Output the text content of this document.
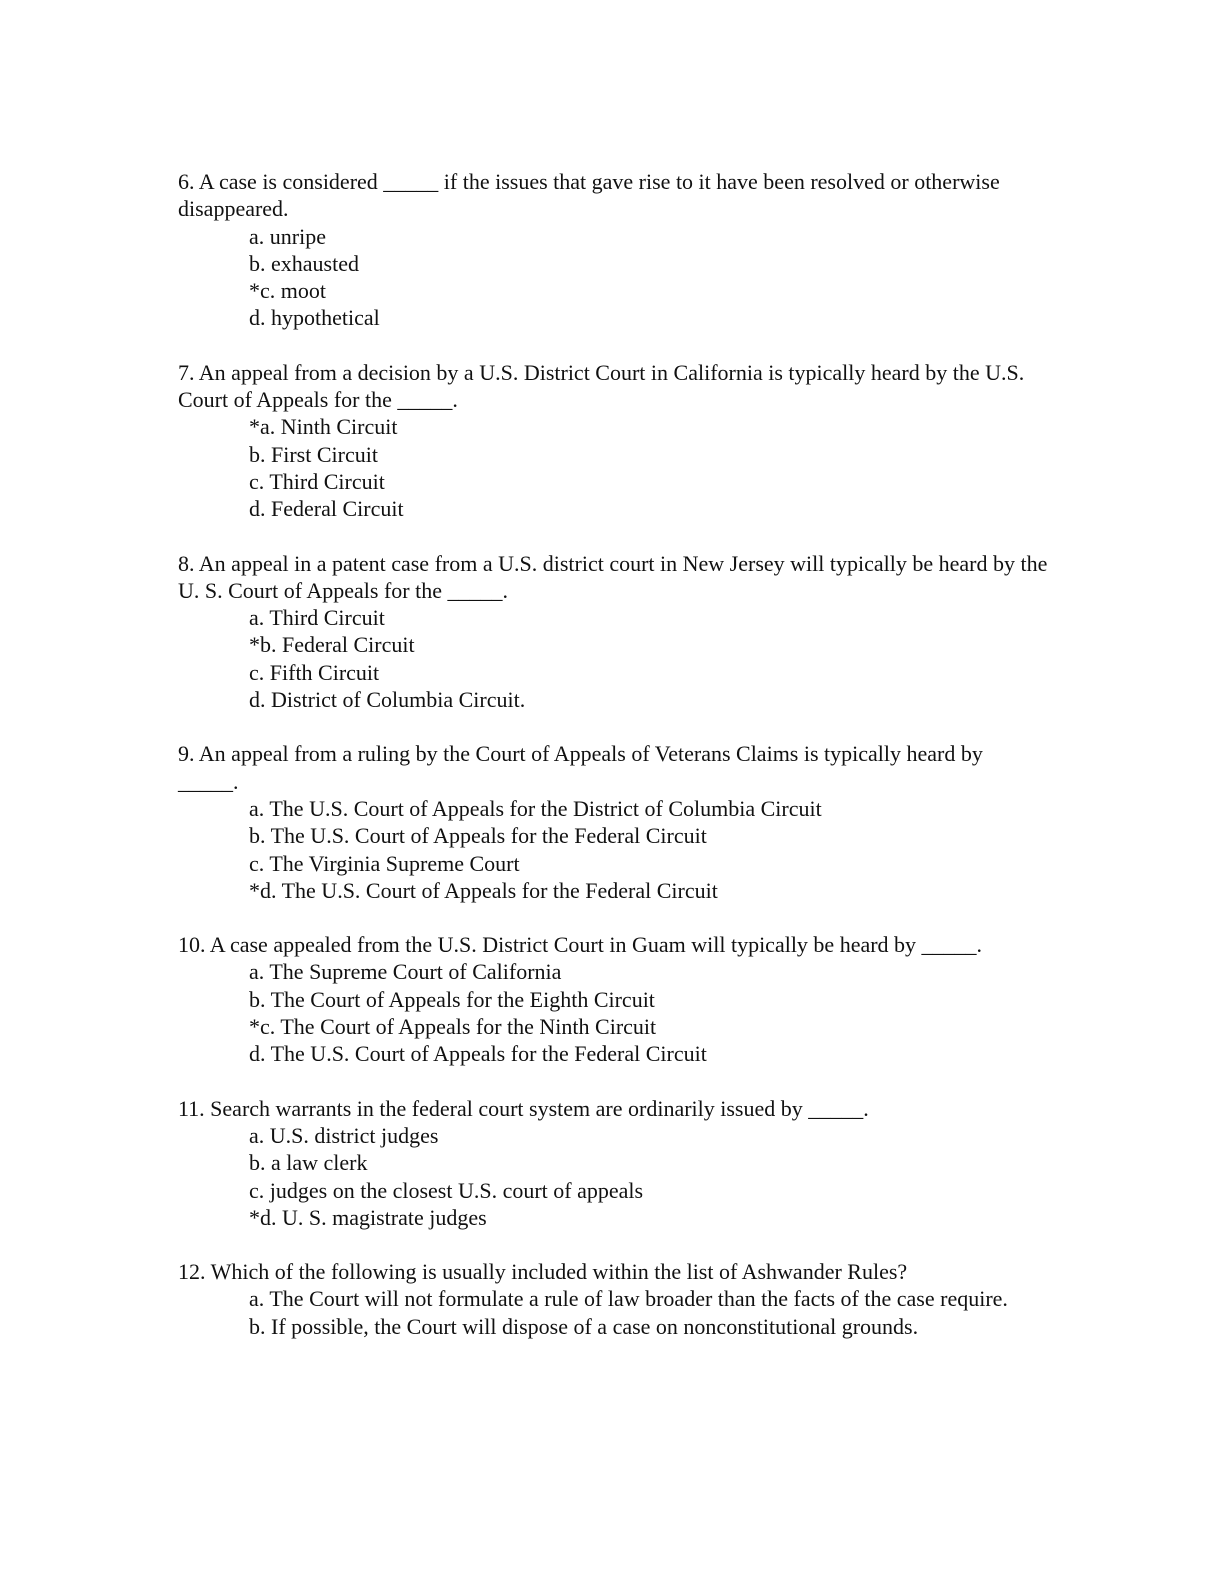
6. A case is considered _____ if the issues that gave rise to it have been resolved or otherwise disappeared.

a. unripe
b. exhausted
*c. moot
d. hypothetical

7. An appeal from a decision by a U.S. District Court in California is typically heard by the U.S. Court of Appeals for the _____.

*a. Ninth Circuit
b. First Circuit
c. Third Circuit
d. Federal Circuit

8. An appeal in a patent case from a U.S. district court in New Jersey will typically be heard by the U. S. Court of Appeals for the _____.

a. Third Circuit
*b. Federal Circuit
c. Fifth Circuit
d. District of Columbia Circuit.

9. An appeal from a ruling by the Court of Appeals of Veterans Claims is typically heard by _____.

a. The U.S. Court of Appeals for the District of Columbia Circuit
b. The U.S. Court of Appeals for the Federal Circuit
c. The Virginia Supreme Court
*d. The U.S. Court of Appeals for the Federal Circuit

10. A case appealed from the U.S. District Court in Guam will typically be heard by _____.

a. The Supreme Court of California
b. The Court of Appeals for the Eighth Circuit
*c. The Court of Appeals for the Ninth Circuit
d. The U.S. Court of Appeals for the Federal Circuit

11. Search warrants in the federal court system are ordinarily issued by _____.

a. U.S. district judges
b. a law clerk
c. judges on the closest U.S. court of appeals
*d. U. S. magistrate judges

12. Which of the following is usually included within the list of Ashwander Rules?

a. The Court will not formulate a rule of law broader than the facts of the case require.
b. If possible, the Court will dispose of a case on nonconstitutional grounds.
